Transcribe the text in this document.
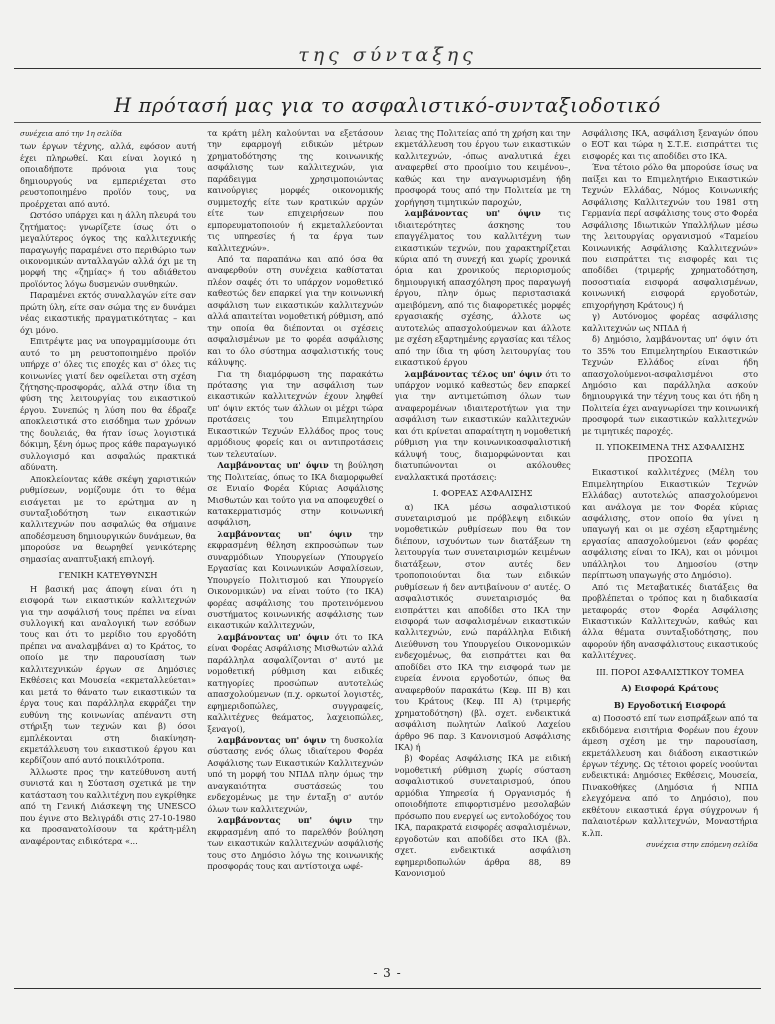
της σύνταξης
Η πρότασή μας για το ασφαλιστικό-συνταξιοδοτικό

συνέχεια από την 1η σελίδα

των έργων τέχνης, αλλά, εφόσον αυτή έχει πληρωθεί. Και είναι λογικό η οποιαδήποτε πρόνοια για τους δημιουργούς να εμπεριέχεται στο ρευστοποιημένο προϊόν τους, να προέρχεται από αυτό.

Ωστόσο υπάρχει και η άλλη πλευρά του ζητήματος: γνωρίζετε ίσως ότι ο μεγαλύτερος όγκος της καλλιτεχνικής παραγωγής παραμένει στο περιθώριο των οικονομικών ανταλλαγών αλλά όχι με τη μορφή της «ζημίας» ή του αδιάθετου προϊόντος λόγω δυσμενών συνθηκών.

Παραμένει εκτός συναλλαγών είτε σαν πρώτη ύλη, είτε σαν σώμα της εν δυνάμει νέας εικαστικής πραγματικότητας – και όχι μόνο.

Επιτρέψτε μας να υπογραμμίσουμε ότι αυτό το μη ρευστοποιημένο προϊόν υπήρχε σ' όλες τις εποχές και σ' όλες τις κοινωνίες γιατί δεν οφείλεται στη σχέση ζήτησης-προσφοράς, αλλά στην ίδια τη φύση της λειτουργίας του εικαστικού έργου. Συνεπώς η λύση που θα έδραζε αποκλειστικά στο εισόδημα των χρόνων της δουλειάς, θα ήταν ίσως λογιστικά δόκιμη, ξένη όμως προς κάθε παραγωγικό συλλογισμό και ασφαλώς πρακτικά αδύνατη.

Αποκλείοντας κάθε σκέψη χαριστικών ρυθμίσεων, νομίζουμε ότι το θέμα εισάγεται με το ερώτημα αν η συνταξιοδότηση των εικαστικών καλλιτεχνών που ασφαλώς θα σήμαινε αποδέσμευση δημιουργικών δυνάμεων, θα μπορούσε να θεωρηθεί γενικότερης σημασίας αναπτυξιακή επιλογή.

ΓΕΝΙΚΗ ΚΑΤΕΥΘΥΝΣΗ

Η βασική μας άποψη είναι ότι η εισφορά των εικαστικών καλλιτεχνών για την ασφάλισή τους πρέπει να είναι συλλογική και αναλογική των εσόδων τους και ότι το μερίδιο του εργοδότη πρέπει να αναλαμβάνει α) το Κράτος, το οποίο με την παρουσίαση των καλλιτεχνικών έργων σε Δημόσιες Εκθέσεις και Μουσεία «εκμεταλλεύεται» και μετά το θάνατο των εικαστικών τα έργα τους και παράλληλα εκφράζει την ευθύνη της κοινωνίας απέναντι στη στήριξη των τεχνών και β) όσοι εμπλέκονται στη διακίνηση-εκμετάλλευση του εικαστικού έργου και κερδίζουν από αυτό ποικιλότροπα.

Άλλωστε προς την κατεύθυνση αυτή συνιστά και η Σύσταση σχετικά με την κατάσταση του καλλιτέχνη που εγκρίθηκε από τη Γενική Διάσκεψη της UNESCO που έγινε στο Βελιγράδι στις 27-10-1980 κα προσανατολίσουν τα κράτη-μέλη αναφέροντας ειδικότερα «...

τα κράτη μέλη καλούνται να εξετάσουν την εφαρμογή ειδικών μέτρων χρηματοδότησης της κοινωνικής ασφάλισης των καλλιτεχνών, για παράδειγμα χρησιμοποιώντας καινούργιες μορφές οικονομικής συμμετοχής είτε των κρατικών αρχών είτε των επιχειρήσεων που εμπορευματοποιούν ή εκμεταλλεύονται τις υπηρεσίες ή τα έργα των καλλιτεχνών».

Από τα παραπάνω και από όσα θα αναφερθούν στη συνέχεια καθίσταται πλέον σαφές ότι το υπάρχον νομοθετικό καθεστώς δεν επαρκεί για την κοινωνική ασφάλιση των εικαστικών καλλιτεχνών αλλά απαιτείται νομοθετική ρύθμιση, από την οποία θα διέπονται οι σχέσεις ασφαλισμένων με το φορέα ασφάλισης και το όλο σύστημα ασφαλιστικής τους κάλυψης.

Για τη διαμόρφωση της παρακάτω πρότασης για την ασφάλιση των εικαστικών καλλιτεχνών έχουν ληφθεί υπ' όψιν εκτός των άλλων οι μέχρι τώρα προτάσεις του Επιμελητηρίου Εικαστικών Τεχνών Ελλάδος προς τους αρμόδιους φορείς και οι αντιπροτάσεις των τελευταίων.

Λαμβάνοντας υπ' όψιν τη βούληση της Πολιτείας, όπως το ΙΚΑ διαμορφωθεί σε Ενιαίο Φορέα Κύριας Ασφάλισης Μισθωτών και τούτο για να αποφευχθεί ο κατακερματισμός στην κοινωνική ασφάλιση,

λαμβάνοντας υπ' όψιν την εκφρασμένη θέληση εκπροσώπων των συναρμόδιων Υπουργείων (Υπουργείο Εργασίας και Κοινωνικών Ασφαλίσεων, Υπουργείο Πολιτισμού και Υπουργείο Οικονομικών) να είναι τούτο (το ΙΚΑ) φορέας ασφάλισης του προτεινόμενου συστήματος κοινωνικής ασφάλισης των εικαστικών καλλιτεχνών,

λαμβάνοντας υπ' όψιν ότι το ΙΚΑ είναι Φορέας Ασφάλισης Μισθωτών αλλά παράλληλα ασφαλίζονται σ' αυτό με νομοθετική ρύθμιση και ειδικές κατηγορίες προσώπων αυτοτελώς απασχολούμενων (π.χ. ορκωτοί λογιστές, εφημεριδοπώλες, συγγραφείς, καλλιτέχνες θεάματος, λαχειοπώλες, ξεναγοί),

λαμβάνοντας υπ' όψιν τη δυσκολία σύστασης ενός όλως ιδιαίτερου Φορέα Ασφάλισης των Εικαστικών Καλλιτεχνών υπό τη μορφή του ΝΠΔΔ πλην όμως την αναγκαιότητα συστάσεώς του ενδεχομένως με την ένταξη σ' αυτόν όλων των καλλιτεχνών,

λαμβάνοντας υπ' όψιν την εκφρασμένη από το παρελθόν βούληση των εικαστικών καλλιτεχνών ασφάλισής τους στο Δημόσιο λόγω της κοινωνικής προσφοράς τους και αντίστοιχα ωφέ-

λειας της Πολιτείας από τη χρήση και την εκμετάλλευση του έργου των εικαστικών καλλιτεχνών, -όπως αναλυτικά έχει αναφερθεί στο προοίμιο του κειμένου–, καθώς και την αναγνωρισμένη ήδη προσφορά τους από την Πολιτεία με τη χορήγηση τιμητικών παροχών,

λαμβάνοντας υπ' όψιν τις ιδιαιτερότητες άσκησης του επαγγέλματος του καλλιτέχνη των εικαστικών τεχνών, που χαρακτηρίζεται κύρια από τη συνεχή και χωρίς χρονικά όρια και χρονικούς περιορισμούς δημιουργική απασχόληση προς παραγωγή έργου, πλην όμως περιστασιακά αμειβόμενη, από τις διαφορετικές μορφές εργασιακής σχέσης, άλλοτε ως αυτοτελώς απασχολούμενων και άλλοτε με σχέση εξαρτημένης εργασίας και τέλος από την ίδια τη φύση λειτουργίας του εικαστικού έργου

λαμβάνοντας τέλος υπ' όψιν ότι το υπάρχον νομικό καθεστώς δεν επαρκεί για την αντιμετώπιση όλων των αναφερομένων ιδιαιτεροτήτων για την ασφάλιση των εικαστικών καλλιτεχνών και ότι κρίνεται απαραίτητη η νομοθετική ρύθμιση για την κοινωνικοασφαλιστική κάλυψή τους, διαμορφώνονται και διατυπώνονται οι ακόλουθες εναλλακτικά προτάσεις:

Ι. ΦΟΡΕΑΣ ΑΣΦΑΛΙΣΗΣ

α) ΙΚΑ μέσω ασφαλιστικού συνεταιρισμού με πρόβλεψη ειδικών νομοθετικών ρυθμίσεων που θα τον διέπουν, ισχυόντων των διατάξεων τη λειτουργία των συνεταιρισμών κειμένων διατάξεων, στον αυτές δεν τροποποιούνται δια των ειδικών ρυθμίσεων ή δεν αντιβαίνουν σ' αυτές. Ο ασφαλιστικός συνεταιρισμός θα εισπράττει και αποδίδει στο ΙΚΑ την εισφορά των ασφαλισμένων εικαστικών καλλιτεχνών, ενώ παράλληλα Ειδική Διεύθυνση του Υπουργείου Οικονομικών ενδεχομένως, θα εισπράττει και θα αποδίδει στο ΙΚΑ την εισφορά των με ευρεία έννοια εργοδοτών, όπως θα αναφερθούν παρακάτω (Κεφ. ΙΙΙ Β) και του Κράτους (Κεφ. ΙΙΙ Α) (τριμερής χρηματοδότηση) (βλ. σχετ. ενδεικτικά ασφάλιση πωλητών Λαϊκού Λαχείου άρθρο 96 παρ. 3 Κανονισμού Ασφάλισης ΙΚΑ) ή

β) Φορέας Ασφάλισης ΙΚΑ με ειδική νομοθετική ρύθμιση χωρίς σύσταση ασφαλιστικού συνεταιρισμού, όπου αρμόδια Υπηρεσία ή Οργανισμός ή οποιοδήποτε επιφορτισμένο μεσολαβών πρόσωπο που ενεργεί ως εντολοδόχος του ΙΚΑ, παρακρατά εισφορές ασφαλισμένων, εργοδοτών και αποδίδει στο ΙΚΑ (βλ. σχετ. ενδεικτικά ασφάλιση εφημεριδοπωλών άρθρα 88, 89 Κανονισμού

Ασφάλισης ΙΚΑ, ασφάλιση ξεναγών όπου ο ΕΟΤ και τώρα η Σ.Τ.Ε. εισπράττει τις εισφορές και τις αποδίδει στο ΙΚΑ.

Ένα τέτοιο ρόλο θα μπορούσε ίσως να παίξει και το Επιμελητήριο Εικαστικών Τεχνών Ελλάδας, Νόμος Κοινωνικής Ασφάλισης Καλλιτεχνών του 1981 στη Γερμανία περί ασφάλισης τους στο Φορέα Ασφάλισης Ιδιωτικών Υπαλλήλων μέσω της λειτουργίας οργανισμού «Ταμείου Κοινωνικής Ασφάλισης Καλλιτεχνών» που εισπράττει τις εισφορές και τις αποδίδει (τριμερής χρηματοδότηση, ποσοστιαία εισφορά ασφαλισμένων, κοινωνική εισφορά εργοδοτών, επιχορήγηση Κράτους) ή

γ) Αυτόνομος φορέας ασφάλισης καλλιτεχνών ως ΝΠΔΔ ή

δ) Δημόσιο, λαμβάνοντας υπ' όψιν ότι το 35% του Επιμελητηρίου Εικαστικών Τεχνών Ελλάδος είναι ήδη απασχολούμενοι-ασφαλισμένοι στο Δημόσιο και παράλληλα ασκούν δημιουργικά την τέχνη τους και ότι ήδη η Πολιτεία έχει αναγνωρίσει την κοινωνική προσφορά των εικαστικών καλλιτεχνών με τιμητικές παροχές.

ΙΙ. ΥΠΟΚΕΙΜΕΝΑ ΤΗΣ ΑΣΦΑΛΙΣΗΣ ΠΡΟΣΩΠΑ

Εικαστικοί καλλιτέχνες (Μέλη του Επιμελητηρίου Εικαστικών Τεχνών Ελλάδας) αυτοτελώς απασχολούμενοι και ανάλογα με τον Φορέα κύριας ασφάλισης, στον οποίο θα γίνει η υπαγωγή και οι με σχέση εξαρτημένης εργασίας απασχολούμενοι (εάν φορέας ασφάλισης είναι το ΙΚΑ), και οι μόνιμοι υπάλληλοι του Δημοσίου (στην περίπτωση υπαγωγής στο Δημόσιο).

Από τις Μεταβατικές διατάξεις θα προβλέπεται ο τρόπος και η διαδικασία μεταφοράς στον Φορέα Ασφάλισης Εικαστικών Καλλιτεχνών, καθώς και άλλα θέματα συνταξιοδότησης, που αφορούν ήδη ανασφάλιστους εικαστικούς καλλιτέχνες.

ΙΙΙ. ΠΟΡΟΙ ΑΣΦΑΛΙΣΤΙΚΟΥ ΤΟΜΕΑ

Α) Εισφορά Κράτους

Β) Εργοδοτική Εισφορά

α) Ποσοστό επί των εισπράξεων από τα εκδιδόμενα εισιτήρια Φορέων που έχουν άμεση σχέση με την παρουσίαση, εκμετάλλευση και διάδοση εικαστικών έργων τέχνης. Ως τέτοιοι φορείς νοούνται ενδεικτικά: Δημόσιες Εκθέσεις, Μουσεία, Πινακοθήκες (Δημόσια ή ΝΠΙΔ ελεγχόμενα από το Δημόσιο), που εκθέτουν εικαστικά έργα σύγχρονων ή παλαιοτέρων καλλιτεχνών, Μοναστήρια κ.λπ.

συνέχεια στην επόμενη σελίδα

- 3 -
